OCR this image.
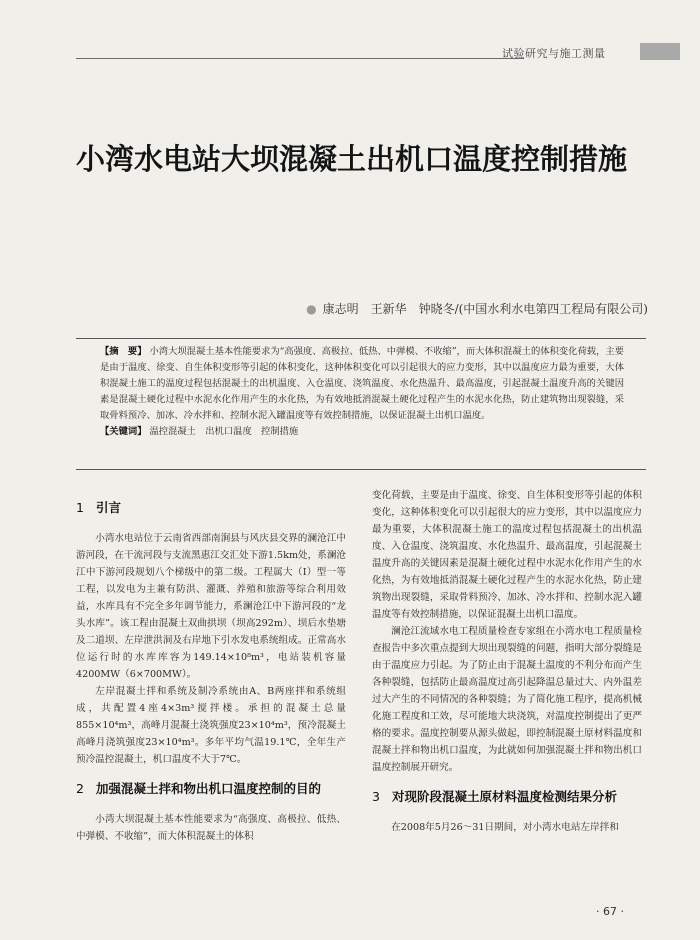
试验研究与施工测量
小湾水电站大坝混凝土出机口温度控制措施
● 康志明　王新华　钟晓冬/(中国水利水电第四工程局有限公司)

【摘　要】 小湾大坝混凝土基本性能要求为“高强度、高极拉、低热、中弹模、不收缩”，而大体积混凝土的体积变化荷载，主要是由于温度、徐变、自生体积变形等引起的体积变化，这种体积变化可以引起很大的应力变形，其中以温度应力最为重要，大体积混凝土施工的温度过程包括混凝土的出机温度、入仓温度、浇筑温度、水化热温升、最高温度，引起混凝土温度升高的关键因素是混凝土硬化过程中水泥水化作用产生的水化热，为有效地抵消混凝土硬化过程产生的水泥水化热，防止建筑物出现裂缝，采取骨料预冷、加冰、冷水拌和、控制水泥入罐温度等有效控制措施，以保证混凝土出机口温度。

【关键词】 温控混凝土　出机口温度　控制措施

1 引言

小湾水电站位于云南省西部南涧县与风庆县交界的澜沧江中游河段，在干流河段与支流黑惠江交汇处下游1.5km处，系澜沧江中下游河段规划八个梯级中的第二级。工程属大（Ⅰ）型一等工程，以发电为主兼有防洪、灌溉、养殖和旅游等综合利用效益，水库具有不完全多年调节能力，系澜沧江中下游河段的“龙头水库”。该工程由混凝土双曲拱坝（坝高292m）、坝后水垫塘及二道坝、左岸泄洪洞及右岸地下引水发电系统组成。正常高水位运行时的水库库容为149.14×10⁸m³，电站装机容量4200MW（6×700MW）。

左岸混凝土拌和系统及制冷系统由A、B两座拌和系统组成，共配置4座4×3m³搅拌楼。承担的混凝土总量855×10⁴m³，高峰月混凝土浇筑强度23×10⁴m³，预冷混凝土高峰月浇筑强度23×10⁴m³。多年平均气温19.1℃，全年生产预冷温控混凝土，机口温度不大于7℃。

2 加强混凝土拌和物出机口温度控制的目的

小湾大坝混凝土基本性能要求为“高强度、高极拉、低热、中弹模、不收缩”，而大体积混凝土的体积

变化荷载，主要是由于温度、徐变、自生体积变形等引起的体积变化，这种体积变化可以引起很大的应力变形，其中以温度应力最为重要，大体积混凝土施工的温度过程包括混凝土的出机温度、入仓温度、浇筑温度、水化热温升、最高温度，引起混凝土温度升高的关键因素是混凝土硬化过程中水泥水化作用产生的水化热，为有效地抵消混凝土硬化过程产生的水泥水化热，防止建筑物出现裂缝，采取骨料预冷、加冰、冷水拌和、控制水泥入罐温度等有效控制措施，以保证混凝土出机口温度。

澜沧江流域水电工程质量检查专家组在小湾水电工程质量检查报告中多次重点提到大坝出现裂缝的问题，指明大部分裂缝是由于温度应力引起。为了防止由于混凝土温度的不利分布而产生各种裂缝，包括防止最高温度过高引起降温总量过大、内外温差过大产生的不同情况的各种裂缝；为了简化施工程序，提高机械化施工程度和工效，尽可能地大块浇筑，对温度控制提出了更严格的要求。温度控制要从源头做起，即控制混凝土原材料温度和混凝土拌和物出机口温度，为此就如何加强混凝土拌和物出机口温度控制展开研究。

3 对现阶段混凝土原材料温度检测结果分析

在2008年5月26～31日期间，对小湾水电站左岸拌和

· 67 ·
